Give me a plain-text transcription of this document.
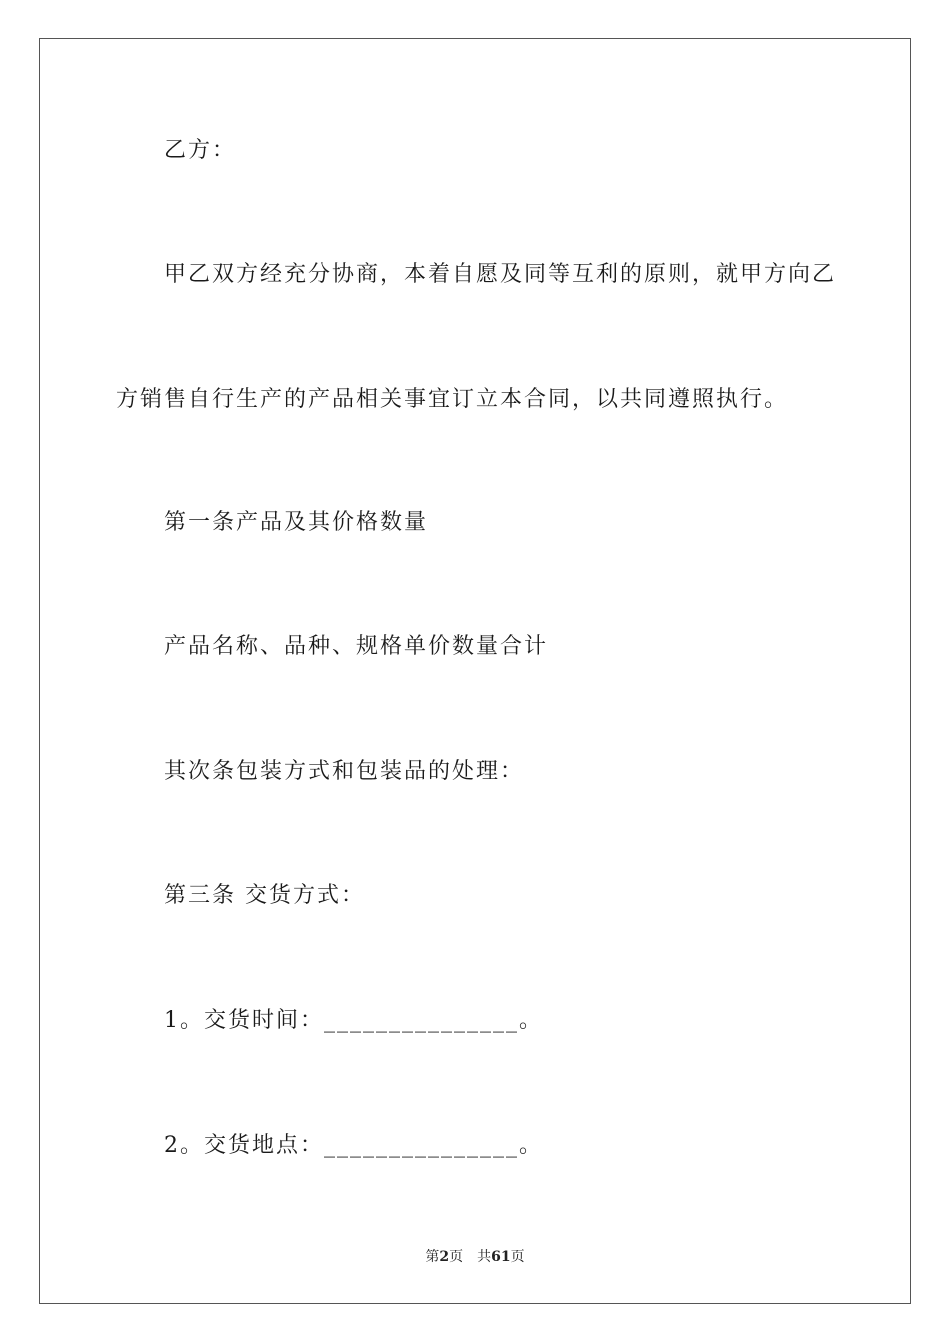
乙方：
甲乙双方经充分协商，本着自愿及同等互利的原则，就甲方向乙
方销售自行生产的产品相关事宜订立本合同，以共同遵照执行。
第一条产品及其价格数量
产品名称、品种、规格单价数量合计
其次条包装方式和包装品的处理：
第三条 交货方式：
1。交货时间：_______________。
2。交货地点：_______________。
第2页 共61页
